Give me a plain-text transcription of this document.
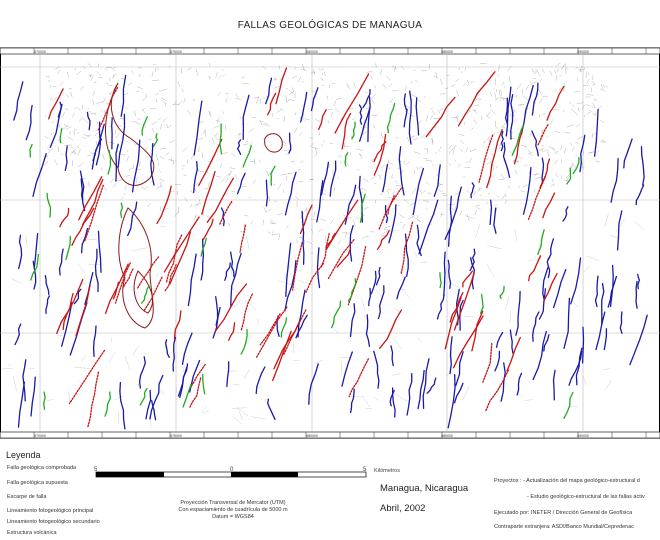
FALLAS GEOLÓGICAS DE MANAGUA
570000	575000	580000	585000	590000
570000	575000	580000	585000	590000
Leyenda
Falla geológica comprobada
Falla geológica supuesta
Escarpe de falla
Lineamiento fotogeológico principal
Lineamiento fotogeológico secundario
Estructura volcánica
5	0	5 Kilómetros
Proyección Transversal de Mercator (UTM)
Con espaciamiento de cuadrícula de 5000 m
Datum = WGS84
Managua, Nicaragua
Abril, 2002
Proyectos : - Actualización del mapa geológico-estructural d
- Estudio geológico-estructural de las fallas activ
Ejecutado por: INETER / Dirección General de Geofísica
Contraparte extranjera: ASDI/Banco Mundial/Cepredenac
